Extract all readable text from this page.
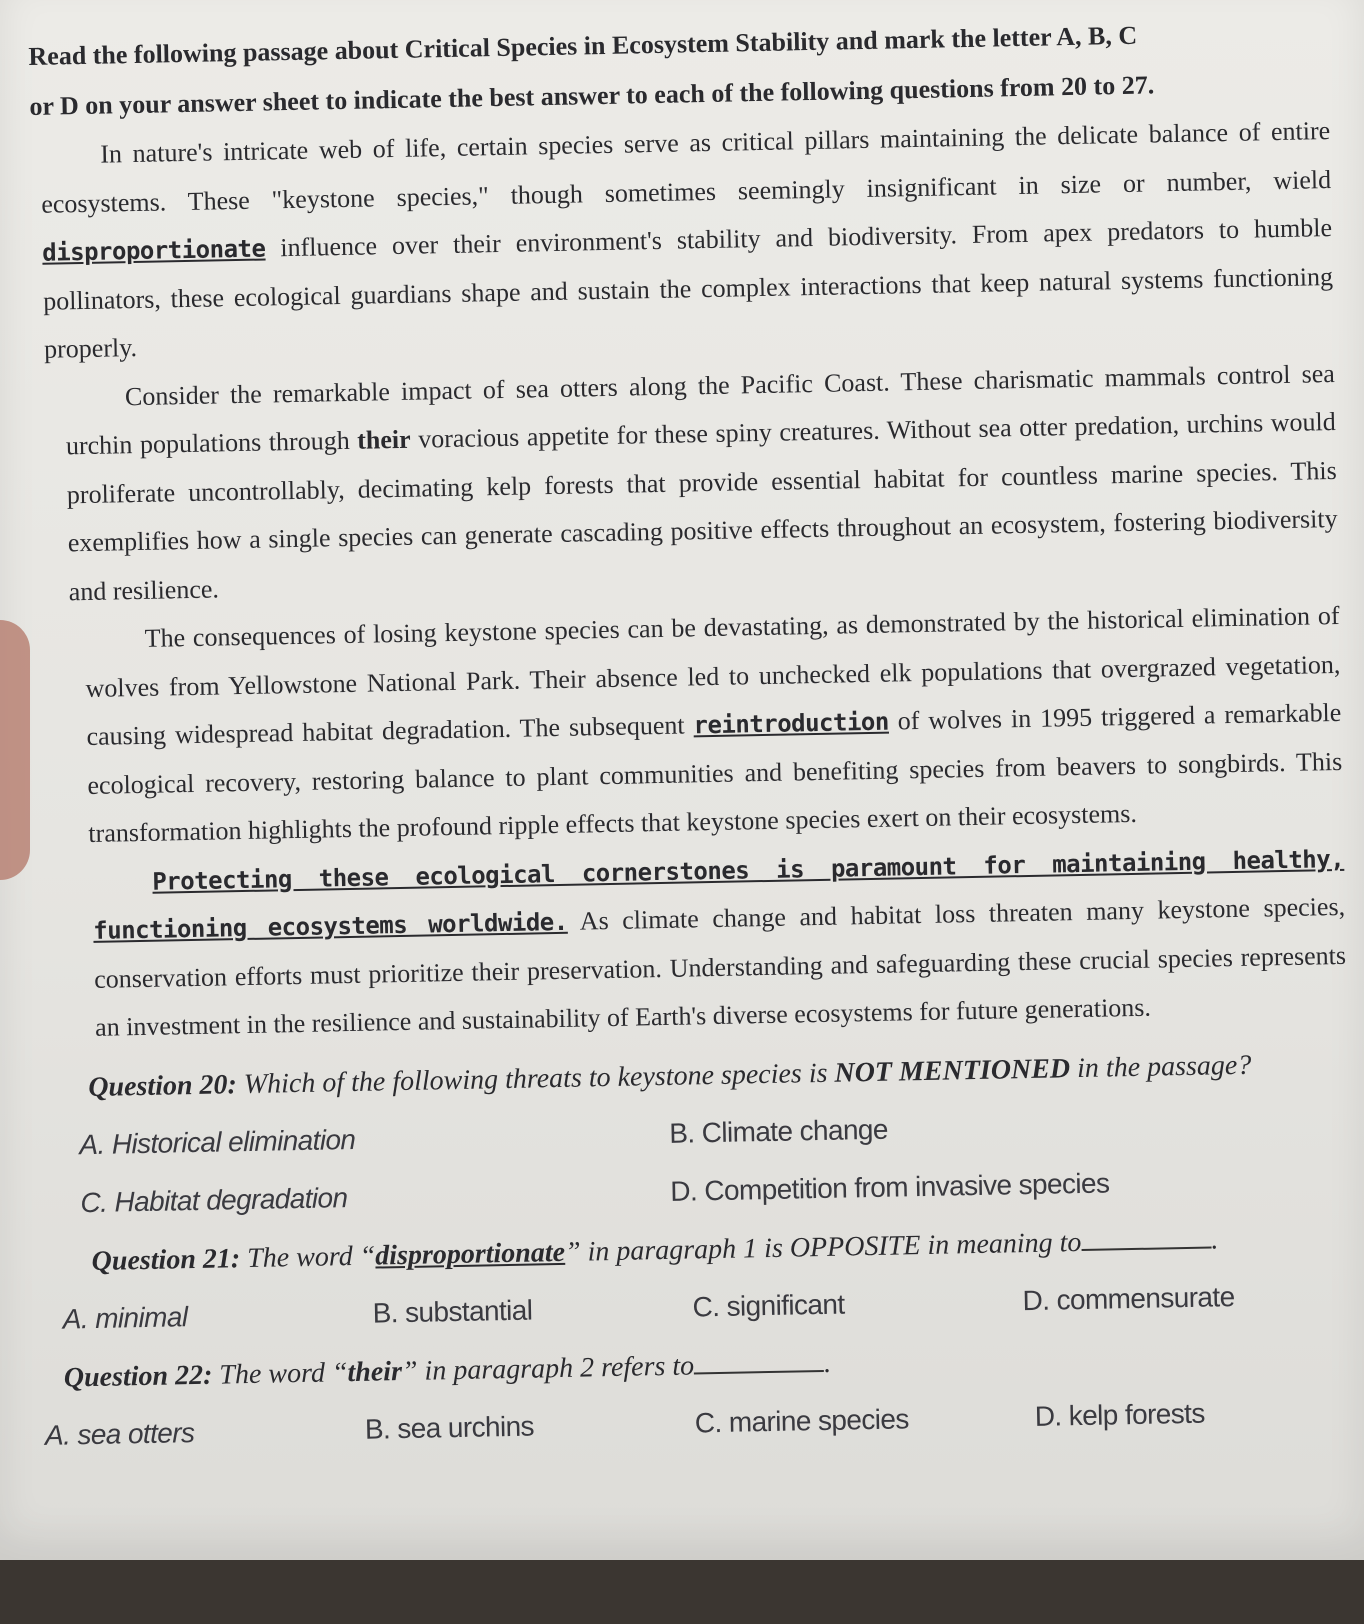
Read the following passage about Critical Species in Ecosystem Stability and mark the letter A, B, C
or D on your answer sheet to indicate the best answer to each of the following questions from 20 to 27.

In nature's intricate web of life, certain species serve as critical pillars maintaining the delicate balance of entire ecosystems. These "keystone species," though sometimes seemingly insignificant in size or number, wield disproportionate influence over their environment's stability and biodiversity. From apex predators to humble pollinators, these ecological guardians shape and sustain the complex interactions that keep natural systems functioning properly.

Consider the remarkable impact of sea otters along the Pacific Coast. These charismatic mammals control sea urchin populations through their voracious appetite for these spiny creatures. Without sea otter predation, urchins would proliferate uncontrollably, decimating kelp forests that provide essential habitat for countless marine species. This exemplifies how a single species can generate cascading positive effects throughout an ecosystem, fostering biodiversity and resilience.

The consequences of losing keystone species can be devastating, as demonstrated by the historical elimination of wolves from Yellowstone National Park. Their absence led to unchecked elk populations that overgrazed vegetation, causing widespread habitat degradation. The subsequent reintroduction of wolves in 1995 triggered a remarkable ecological recovery, restoring balance to plant communities and benefiting species from beavers to songbirds. This transformation highlights the profound ripple effects that keystone species exert on their ecosystems.

Protecting these ecological cornerstones is paramount for maintaining healthy, functioning ecosystems worldwide. As climate change and habitat loss threaten many keystone species, conservation efforts must prioritize their preservation. Understanding and safeguarding these crucial species represents an investment in the resilience and sustainability of Earth's diverse ecosystems for future generations.

Question 20: Which of the following threats to keystone species is NOT MENTIONED in the passage?

A. Historical elimination	B. Climate change
C. Habitat degradation	D. Competition from invasive species

Question 21: The word “disproportionate” in paragraph 1 is OPPOSITE in meaning to	.

A. minimal	B. substantial	C. significant	D. commensurate

Question 22: The word “their” in paragraph 2 refers to	.

A. sea otters	B. sea urchins	C. marine species	D. kelp forests
